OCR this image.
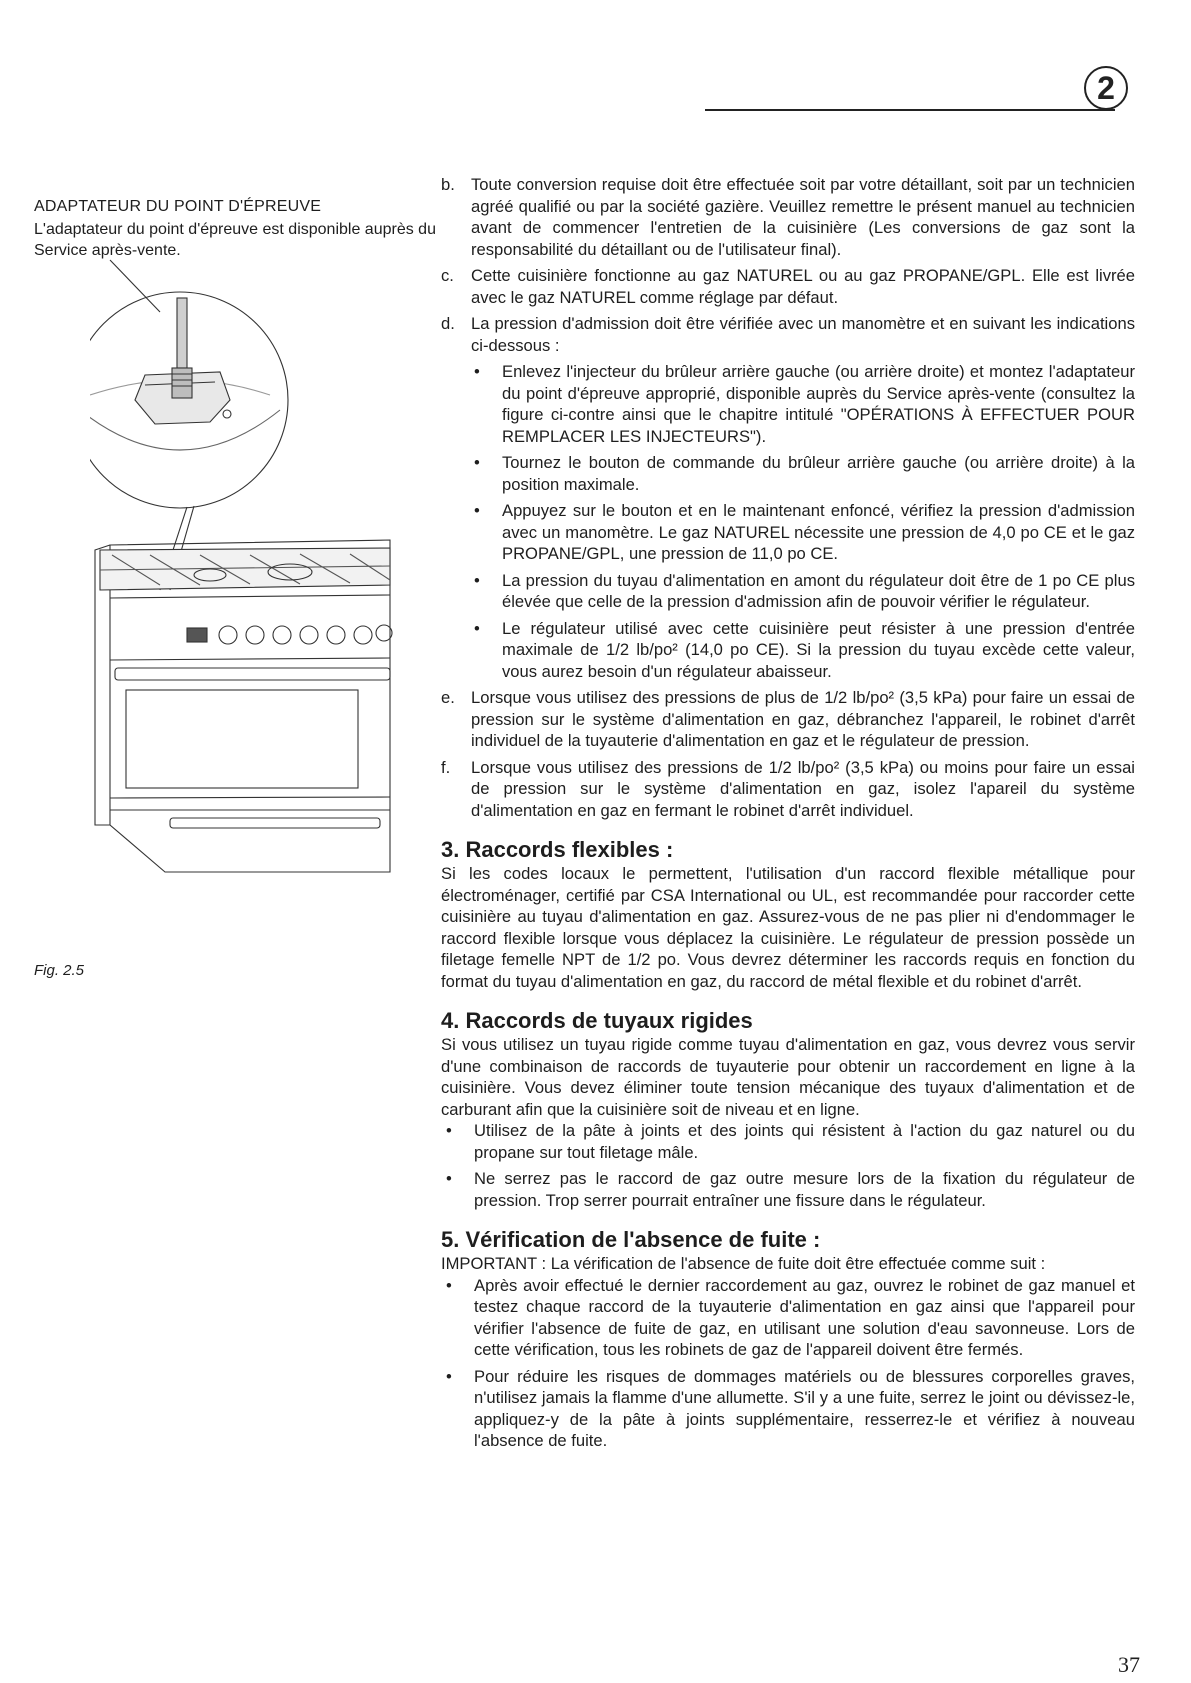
2
ADAPTATEUR DU POINT D'ÉPREUVE
L'adaptateur du point d'épreuve est disponible auprès du Service après-vente.
Fig. 2.5
b. Toute conversion requise doit être effectuée soit par votre détaillant, soit par un technicien agréé qualifié ou par la société gazière. Veuillez remettre le présent manuel au technicien avant de commencer l'entretien de la cuisinière (Les conversions de gaz sont la responsabilité du détaillant ou de l'utilisateur final).
c.	Cette cuisinière fonctionne au gaz NATUREL ou au gaz PROPANE/GPL. Elle est livrée avec le gaz NATUREL comme réglage par défaut.
d. La pression d'admission doit être vérifiée avec un manomètre et en suivant les indications ci-dessous :
•	Enlevez l'injecteur du brûleur arrière gauche (ou arrière droite) et montez l'adaptateur du point d'épreuve approprié, disponible auprès du Service après-vente (consultez la figure ci-contre ainsi que le chapitre intitulé "OPÉRATIONS À EFFECTUER POUR REMPLACER LES INJECTEURS").
•	Tournez le bouton de commande du brûleur arrière gauche (ou arrière droite) à la position maximale.
•	Appuyez sur le bouton et en le maintenant enfoncé, vérifiez la pression d'admission avec un manomètre. Le gaz NATUREL nécessite une pression de 4,0 po CE et le gaz PROPANE/GPL, une pression de 11,0 po CE.
•	La pression du tuyau d'alimentation en amont du régulateur doit être de 1 po CE plus élevée que celle de la pression d'admission afin de pouvoir vérifier le régulateur.
•	Le régulateur utilisé avec cette cuisinière peut résister à une pression d'entrée maximale de 1/2 lb/po² (14,0 po CE). Si la pression du tuyau excède cette valeur, vous aurez besoin d'un régulateur abaisseur.
e. Lorsque vous utilisez des pressions de plus de 1/2 lb/po² (3,5 kPa) pour faire un essai de pression sur le système d'alimentation en gaz, débranchez l'appareil, le robinet d'arrêt individuel de la tuyauterie d'alimentation en gaz et le régulateur de pression.
f.	Lorsque vous utilisez des pressions de 1/2 lb/po² (3,5 kPa) ou moins pour faire un essai de pression sur le système d'alimentation en gaz, isolez l'apareil du système d'alimentation en gaz en fermant le robinet d'arrêt individuel.
3. Raccords flexibles :

Si les codes locaux le permettent, l'utilisation d'un raccord flexible métallique pour électroménager, certifié par CSA International ou UL, est recommandée pour raccorder cette cuisinière au tuyau d'alimentation en gaz. Assurez-vous de ne pas plier ni d'endommager le raccord flexible lorsque vous déplacez la cuisinière. Le régulateur de pression possède un filetage femelle NPT de 1/2 po. Vous devrez déterminer les raccords requis en fonction du format du tuyau d'alimentation en gaz, du raccord de métal flexible et du robinet d'arrêt.

4. Raccords de tuyaux rigides

Si vous utilisez un tuyau rigide comme tuyau d'alimentation en gaz, vous devrez vous servir d'une combinaison de raccords de tuyauterie pour obtenir un raccordement en ligne à la cuisinière. Vous devez éliminer toute tension mécanique des tuyaux d'alimentation et de carburant afin que la cuisinière soit de niveau et en ligne.

•	Utilisez de la pâte à joints et des joints qui résistent à l'action du gaz naturel ou du propane sur tout filetage mâle.
•	Ne serrez pas le raccord de gaz outre mesure lors de la fixation du régulateur de pression. Trop serrer pourrait entraîner une fissure dans le régulateur.
5. Vérification de l'absence de fuite :

IMPORTANT : La vérification de l'absence de fuite doit être effectuée comme suit :

•	Après avoir effectué le dernier raccordement au gaz, ouvrez le robinet de gaz manuel et testez chaque raccord de la tuyauterie d'alimentation en gaz ainsi que l'appareil pour vérifier l'absence de fuite de gaz, en utilisant une solution d'eau savonneuse. Lors de cette vérification, tous les robinets de gaz de l'appareil doivent être fermés.
•	Pour réduire les risques de dommages matériels ou de blessures corporelles graves, n'utilisez jamais la flamme d'une allumette. S'il y a une fuite, serrez le joint ou dévissez-le, appliquez-y de la pâte à joints supplémentaire, resserrez-le et vérifiez à nouveau l'absence de fuite.
37
